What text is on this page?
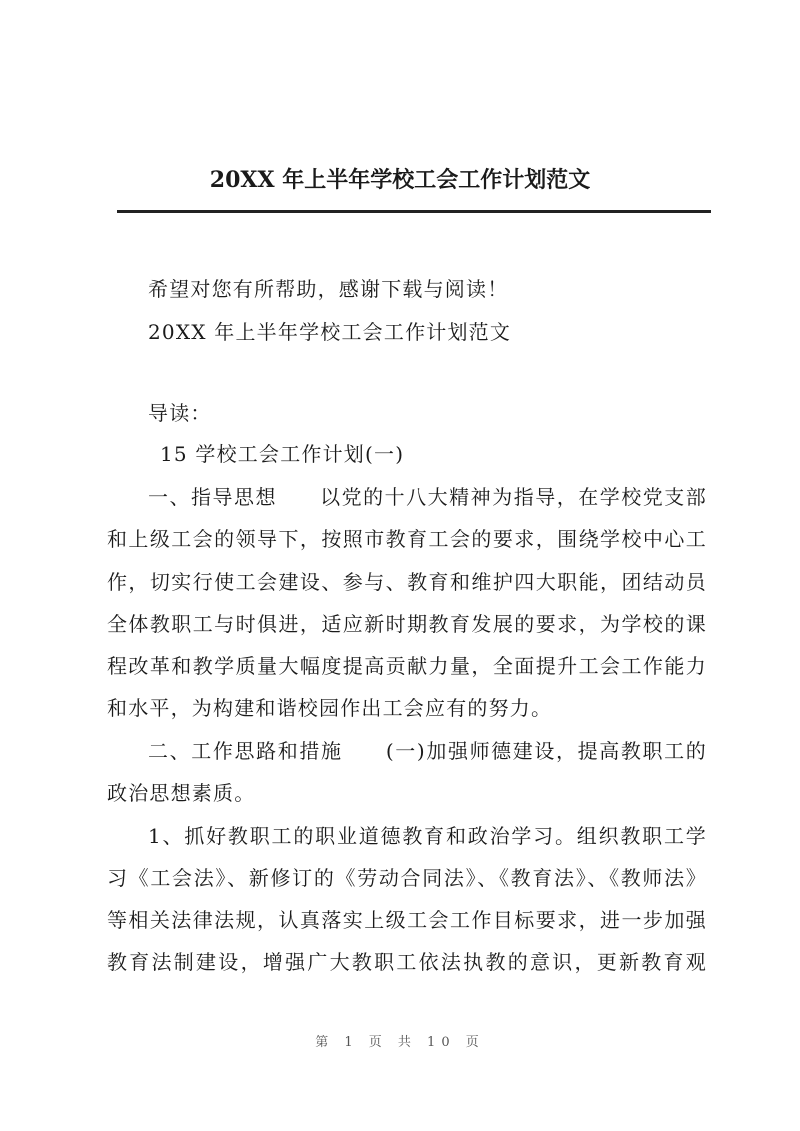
20XX 年上半年学校工会工作计划范文
希望对您有所帮助，感谢下载与阅读！
20XX 年上半年学校工会工作计划范文
导读：
15 学校工会工作计划(一)
一、指导思想　　以党的十八大精神为指导，在学校党支部
和上级工会的领导下，按照市教育工会的要求，围绕学校中心工
作，切实行使工会建设、参与、教育和维护四大职能，团结动员
全体教职工与时俱进，适应新时期教育发展的要求，为学校的课
程改革和教学质量大幅度提高贡献力量，全面提升工会工作能力
和水平，为构建和谐校园作出工会应有的努力。
二、工作思路和措施　　(一)加强师德建设，提高教职工的
政治思想素质。
1、抓好教职工的职业道德教育和政治学习。组织教职工学
习《工会法》、新修订的《劳动合同法》、《教育法》、《教师法》
等相关法律法规，认真落实上级工会工作目标要求，进一步加强
教育法制建设，增强广大教职工依法执教的意识，更新教育观
第 1 页 共 10 页
